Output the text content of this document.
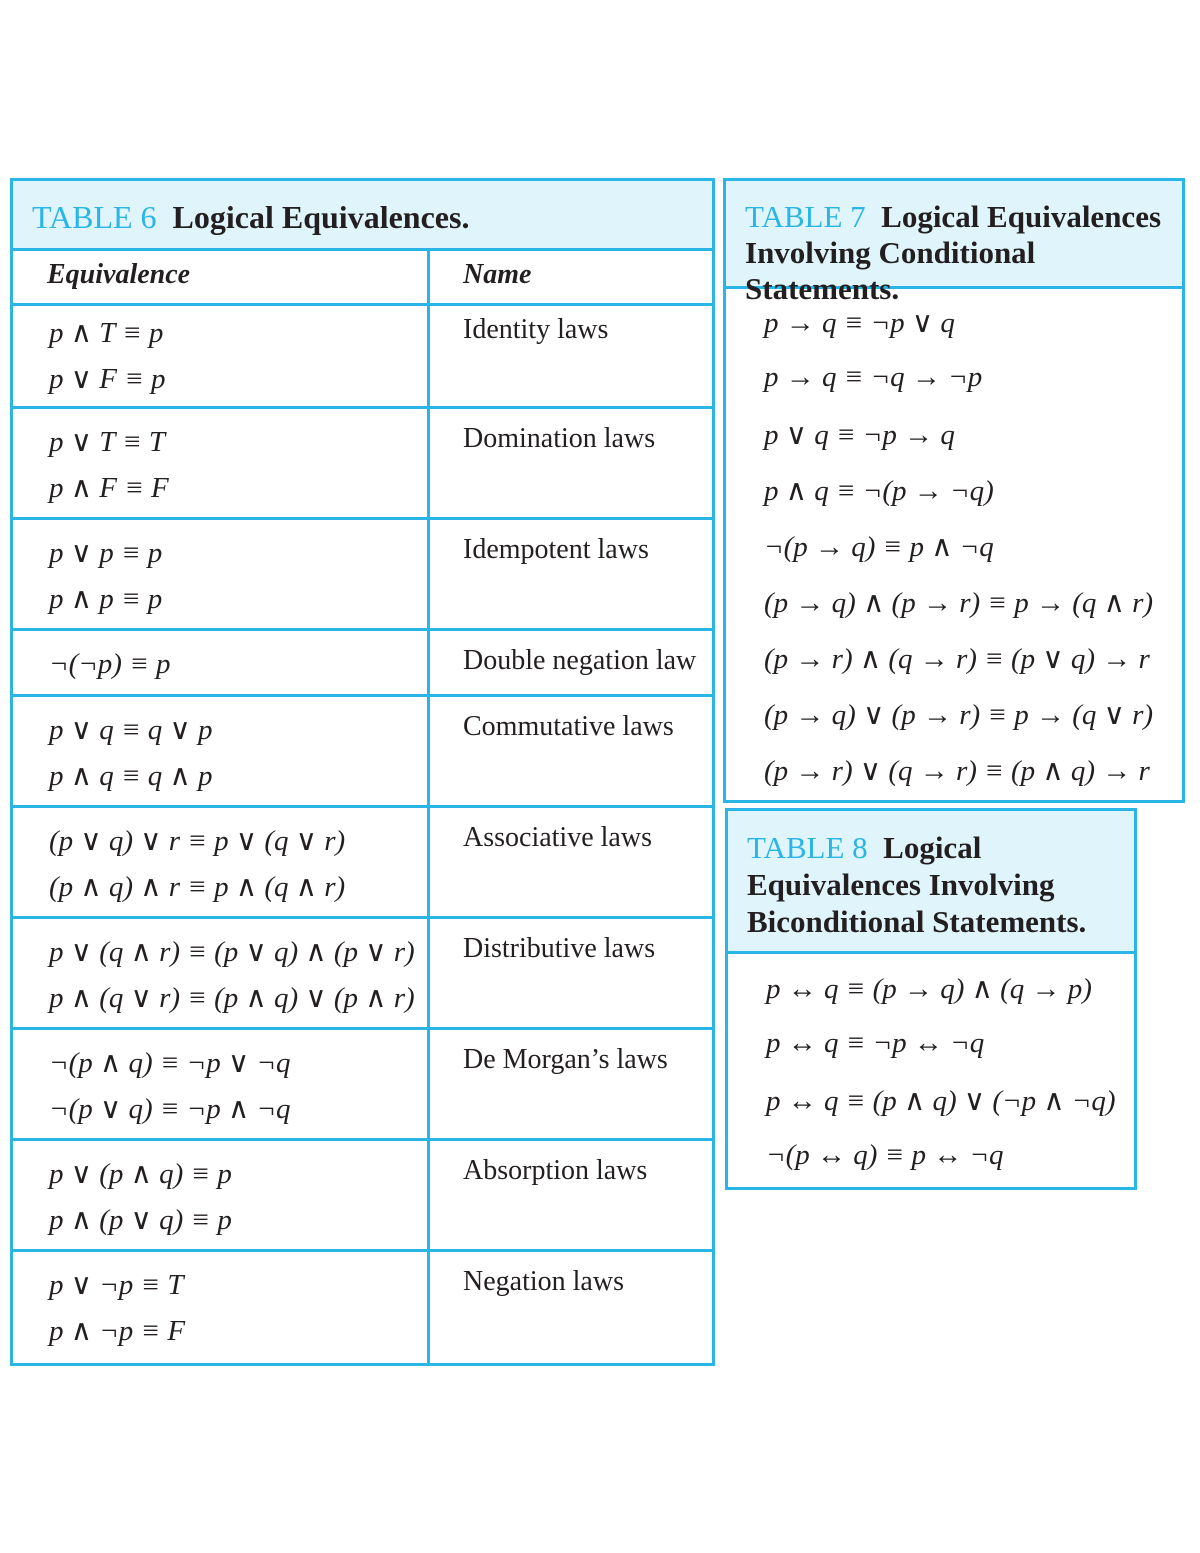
TABLE 6 Logical Equivalences.
Equivalence	Name
p ∧ T ≡ p
p ∨ F ≡ p
Identity laws
p ∨ T ≡ T
p ∧ F ≡ F
Domination laws
p ∨ p ≡ p
p ∧ p ≡ p
Idempotent laws
¬(¬p) ≡ p	Double negation law
p ∨ q ≡ q ∨ p
p ∧ q ≡ q ∧ p
Commutative laws
(p ∨ q) ∨ r ≡ p ∨ (q ∨ r)
(p ∧ q) ∧ r ≡ p ∧ (q ∧ r)
Associative laws
p ∨ (q ∧ r) ≡ (p ∨ q) ∧ (p ∨ r)
p ∧ (q ∨ r) ≡ (p ∧ q) ∨ (p ∧ r)
Distributive laws
¬(p ∧ q) ≡ ¬p ∨ ¬q
¬(p ∨ q) ≡ ¬p ∧ ¬q
De Morgan’s laws
p ∨ (p ∧ q) ≡ p
p ∧ (p ∨ q) ≡ p
Absorption laws
p ∨ ¬p ≡ T
p ∧ ¬p ≡ F
Negation laws
TABLE 7 Logical Equivalences
Involving Conditional Statements.
p → q ≡ ¬p ∨ q
p → q ≡ ¬q → ¬p
p ∨ q ≡ ¬p → q
p ∧ q ≡ ¬(p → ¬q)
¬(p → q) ≡ p ∧ ¬q
(p → q) ∧ (p → r) ≡ p → (q ∧ r)
(p → r) ∧ (q → r) ≡ (p ∨ q) → r
(p → q) ∨ (p → r) ≡ p → (q ∨ r)
(p → r) ∨ (q → r) ≡ (p ∧ q) → r
TABLE 8 Logical
Equivalences Involving
Biconditional Statements.
p ↔ q ≡ (p → q) ∧ (q → p)
p ↔ q ≡ ¬p ↔ ¬q
p ↔ q ≡ (p ∧ q) ∨ (¬p ∧ ¬q)
¬(p ↔ q) ≡ p ↔ ¬q
